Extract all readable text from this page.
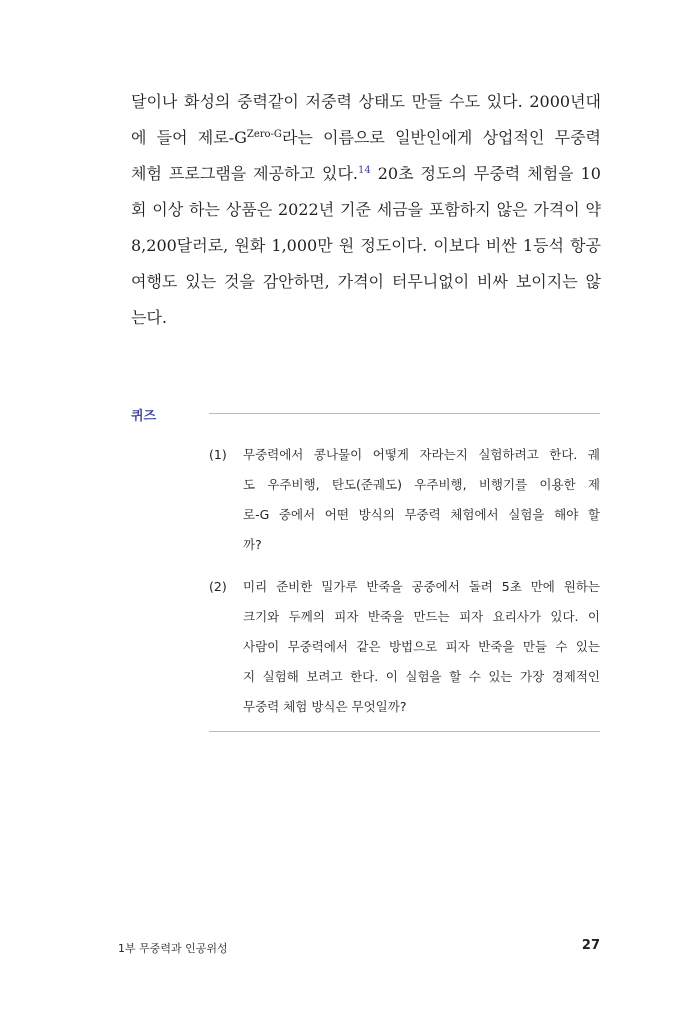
달이나 화성의 중력같이 저중력 상태도 만들 수도 있다. 2000년대
에 들어 제로$-G^{Zero-G}$라는 이름으로 일반인에게 상업적인 무중력
체험 프로그램을 제공하고 있다.$^{14}$ 20초 정도의 무중력 체험을 10
회 이상 하는 상품은 2022년 기준 세금을 포함하지 않은 가격이 약
8,200달러로, 원화 1,000만 원 정도이다. 이보다 비싼 1등석 항공
여행도 있는 것을 감안하면, 가격이 터무니없이 비싸 보이지는 않
는다.
퀴즈
(1) 무중력에서 콩나물이 어떻게 자라는지 실험하려고 한다. 궤
도 우주비행, 탄도(준궤도) 우주비행, 비행기를 이용한 제
로-G 중에서 어떤 방식의 무중력 체험에서 실험을 해야 할
까?
(2) 미리 준비한 밀가루 반죽을 공중에서 돌려 5초 만에 원하는
크기와 두께의 피자 반죽을 만드는 피자 요리사가 있다. 이
사람이 무중력에서 같은 방법으로 피자 반죽을 만들 수 있는
지 실험해 보려고 한다. 이 실험을 할 수 있는 가장 경제적인
무중력 체험 방식은 무엇일까?
1부 무중력과 인공위성	27
